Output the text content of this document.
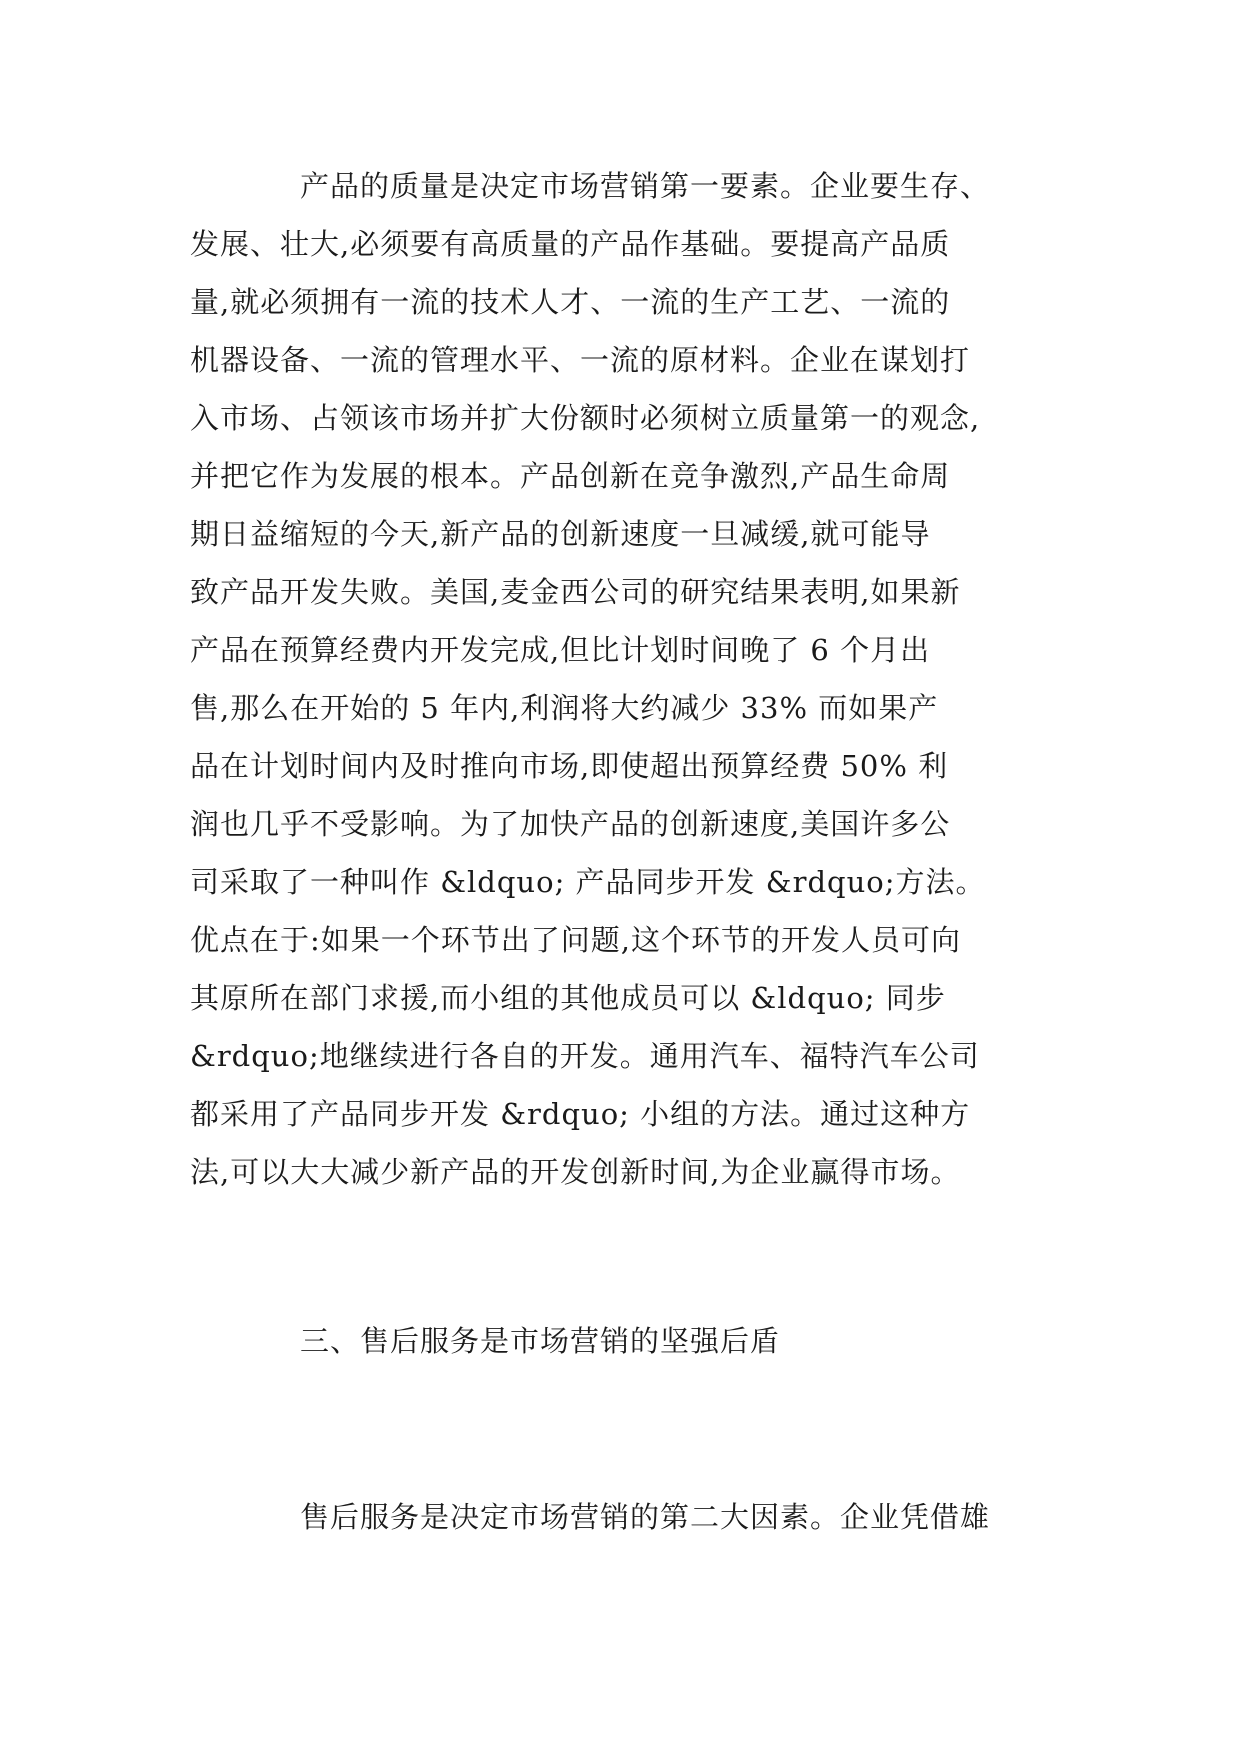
产品的质量是决定市场营销第一要素。企业要生存、
发展、壮大,必须要有高质量的产品作基础。要提高产品质
量,就必须拥有一流的技术人才、一流的生产工艺、一流的
机器设备、一流的管理水平、一流的原材料。企业在谋划打
入市场、占领该市场并扩大份额时必须树立质量第一的观念,
并把它作为发展的根本。产品创新在竞争激烈,产品生命周
期日益缩短的今天,新产品的创新速度一旦减缓,就可能导
致产品开发失败。美国,麦金西公司的研究结果表明,如果新
产品在预算经费内开发完成,但比计划时间晚了 6 个月出
售,那么在开始的 5 年内,利润将大约减少 33% 而如果产
品在计划时间内及时推向市场,即使超出预算经费 50% 利
润也几乎不受影响。为了加快产品的创新速度,美国许多公
司采取了一种叫作 &ldquo; 产品同步开发 &rdquo;方法。
优点在于:如果一个环节出了问题,这个环节的开发人员可向
其原所在部门求援,而小组的其他成员可以 &ldquo; 同步
&rdquo;地继续进行各自的开发。通用汽车、福特汽车公司
都采用了产品同步开发 &rdquo; 小组的方法。通过这种方
法,可以大大减少新产品的开发创新时间,为企业赢得市场。
三、售后服务是市场营销的坚强后盾
售后服务是决定市场营销的第二大因素。企业凭借雄
